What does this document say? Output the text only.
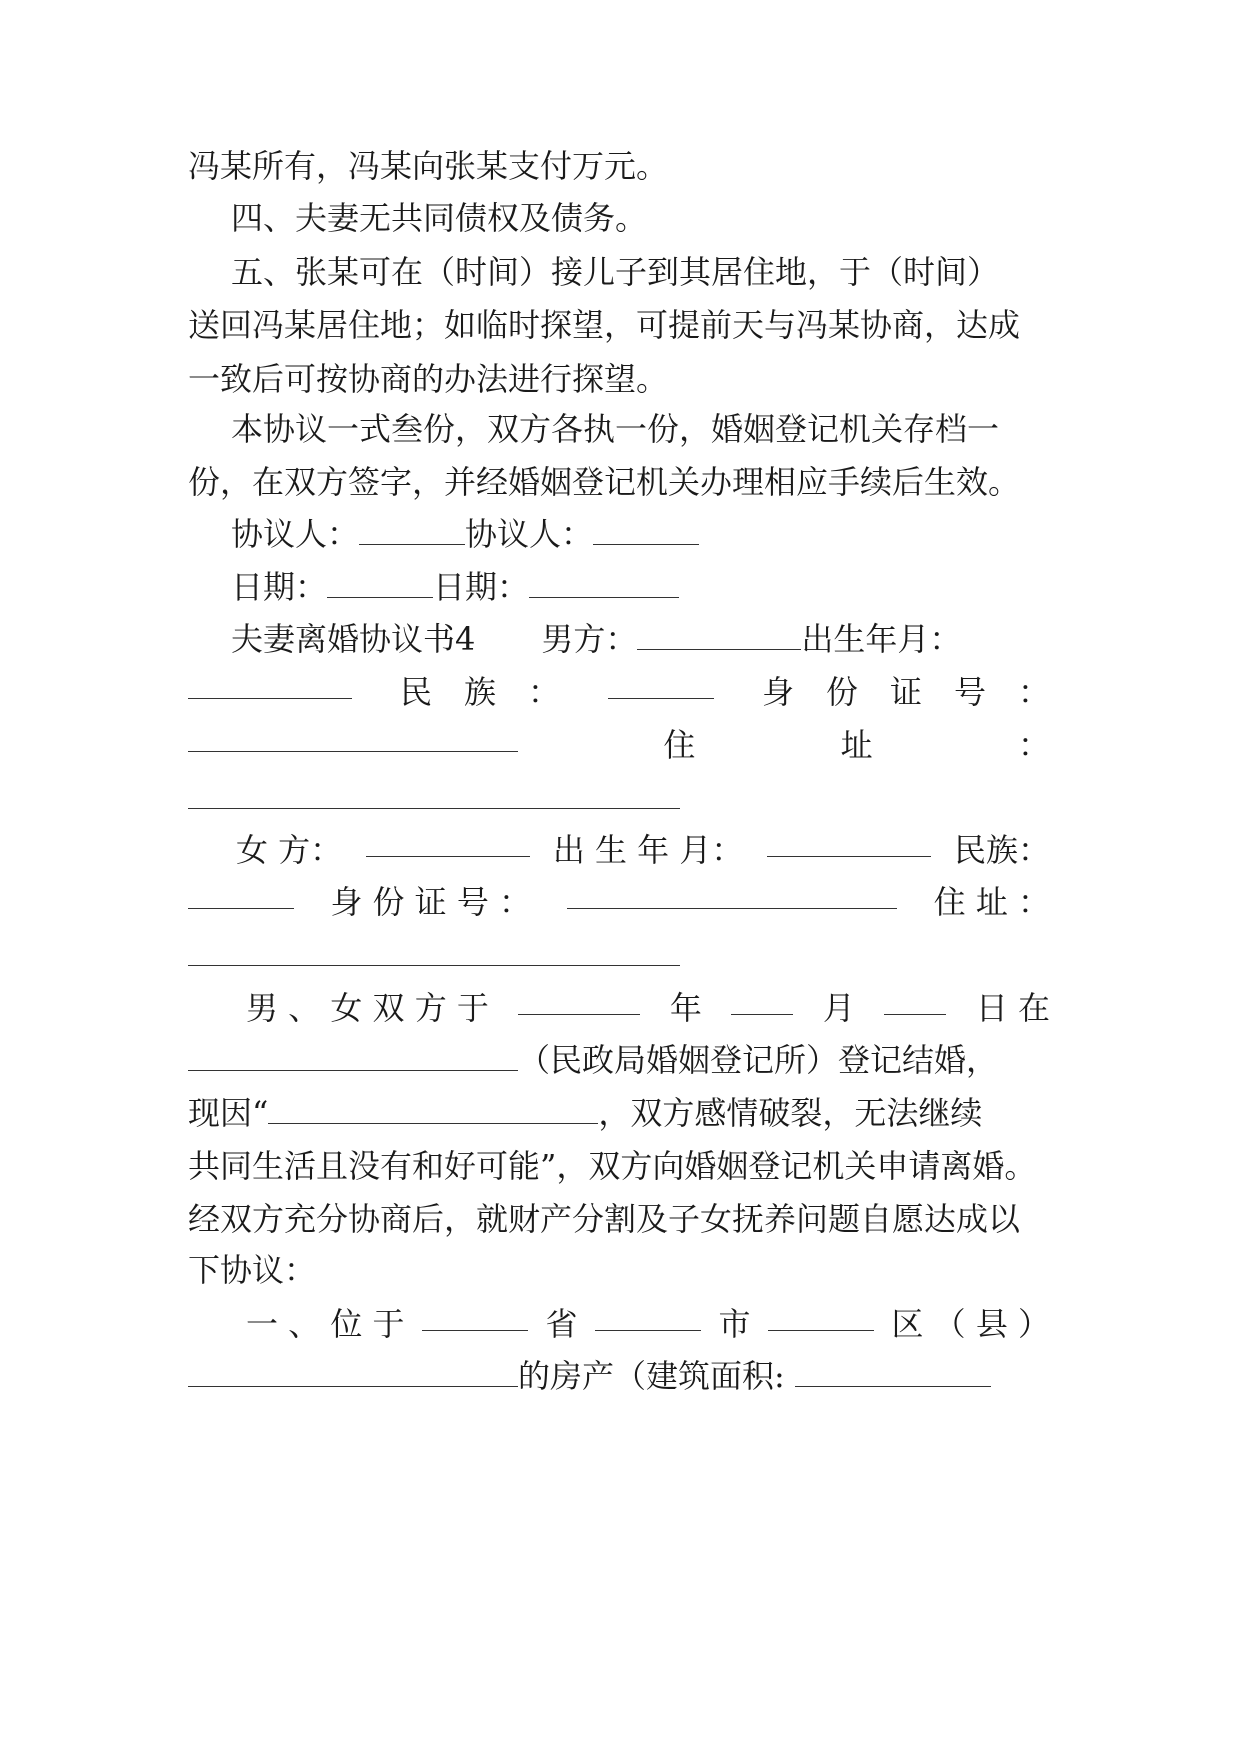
冯某所有，冯某向张某支付万元。
四、夫妻无共同债权及债务。
五、张某可在（时间）接儿子到其居住地，于（时间）
送回冯某居住地；如临时探望，可提前天与冯某协商，达成
一致后可按协商的办法进行探望。
本协议一式叁份，双方各执一份，婚姻登记机关存档一
份，在双方签字，并经婚姻登记机关办理相应手续后生效。
协议人：	协议人：
日期：	日期：
夫妻离婚协议书4 男方：	出生年月：
民　族　：	身　份　证　号　：
住	址	：
女 方：	出 生 年 月：	民族：
身 份 证 号 ：	住 址 ：
男 、 女 双 方 于	年	月	日 在
（民政局婚姻登记所）登记结婚，
现因“	，双方感情破裂，无法继续
共同生活且没有和好可能”，双方向婚姻登记机关申请离婚。
经双方充分协商后，就财产分割及子女抚养问题自愿达成以
下协议：
一 、 位 于	省	市	区 （ 县 ）
的房产（建筑面积:
